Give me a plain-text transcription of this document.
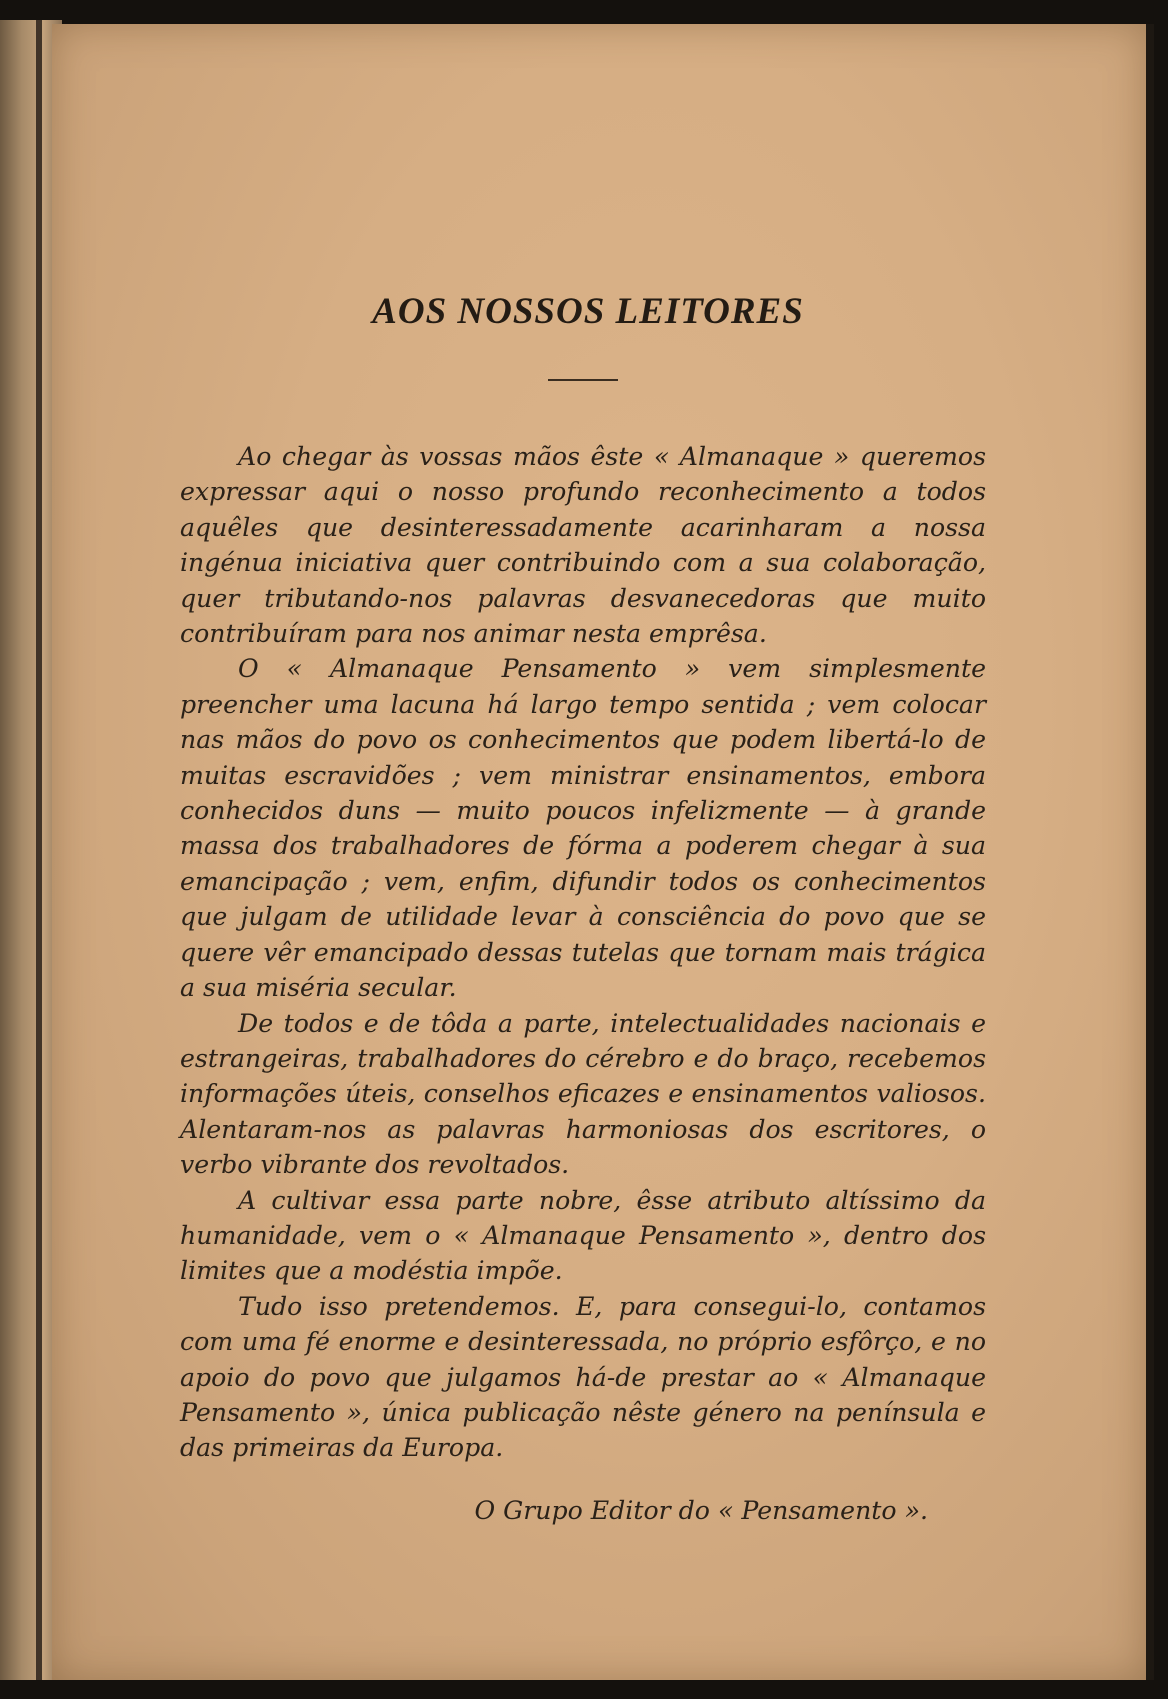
AOS NOSSOS LEITORES

Ao chegar às vossas mãos êste « Almanaque » queremos expressar aqui o nosso profundo reconhecimento a todos aquêles que desinteressadamente acarinharam a nossa ingénua iniciativa quer contribuindo com a sua colaboração, quer tributando-nos palavras desvanecedoras que muito contribuíram para nos animar nesta emprêsa.

O « Almanaque Pensamento » vem simplesmente preencher uma lacuna há largo tempo sentida ; vem colocar nas mãos do povo os conhecimentos que podem libertá-lo de muitas escravidões ; vem ministrar ensinamentos, embora conhecidos duns — muito poucos infelizmente — à grande massa dos trabalhadores de fórma a poderem chegar à sua emancipação ; vem, enfim, difundir todos os conhecimentos que julgam de utilidade levar à consciência do povo que se quere vêr emancipado dessas tutelas que tornam mais trágica a sua miséria secular.

De todos e de tôda a parte, intelectualidades nacionais e estrangeiras, trabalhadores do cérebro e do braço, recebemos informações úteis, conselhos eficazes e ensinamentos valiosos. Alentaram-nos as palavras harmoniosas dos escritores, o verbo vibrante dos revoltados.

A cultivar essa parte nobre, êsse atributo altíssimo da humanidade, vem o « Almanaque Pensamento », dentro dos limites que a modéstia impõe.

Tudo isso pretendemos. E, para consegui-lo, contamos com uma fé enorme e desinteressada, no próprio esfôrço, e no apoio do povo que julgamos há-de prestar ao « Almanaque Pensamento », única publicação nêste género na península e das primeiras da Europa.

O Grupo Editor do « Pensamento ».
